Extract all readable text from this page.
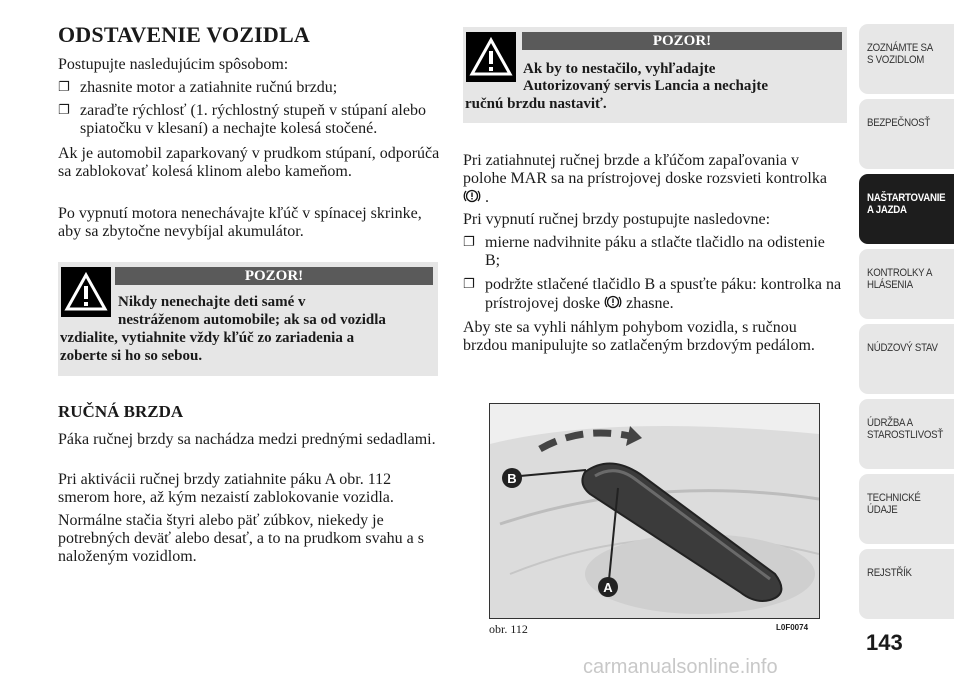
ODSTAVENIE VOZIDLA
Postupujte nasledujúcim spôsobom:
❐ zhasnite motor a zatiahnite ručnú brzdu;
❐ zaraďte rýchlosť (1. rýchlostný stupeň v stúpaní alebo spiatočku v klesaní) a nechajte kolesá stočené.
Ak je automobil zaparkovaný v prudkom stúpaní, odporúča sa zablokovať kolesá klinom alebo kameňom.
Po vypnutí motora nenechávajte kľúč v spínacej skrinke, aby sa zbytočne nevybíjal akumulátor.
POZOR!
Nikdy nenechajte deti samé v
nestráženom automobile; ak sa od vozidla
vzdialite, vytiahnite vždy kľúč zo zariadenia a
zoberte si ho so sebou.
RUČNÁ BRZDA
Páka ručnej brzdy sa nachádza medzi prednými sedadlami.
Pri aktivácii ručnej brzdy zatiahnite páku A obr. 112 smerom hore, až kým nezaistí zablokovanie vozidla.
Normálne stačia štyri alebo päť zúbkov, niekedy je potrebných deväť alebo desať, a to na prudkom svahu a s naloženým vozidlom.
POZOR!
Ak by to nestačilo, vyhľadajte
Autorizovaný servis Lancia a nechajte
ručnú brzdu nastaviť.
Pri zatiahnutej ručnej brzde a kľúčom zapaľovania v polohe MAR sa na prístrojovej doske rozsvieti kontrolka  .
Pri vypnutí ručnej brzdy postupujte nasledovne:
❐ mierne nadvihnite páku a stlačte tlačidlo na odistenie B;
❐ podržte stlačené tlačidlo B a spusťte páku: kontrolka na prístrojovej doske zhasne.
Aby ste sa vyhli náhlym pohybom vozidla, s ručnou brzdou manipulujte so zatlačeným brzdovým pedálom.
B
A
obr. 112	L0F0074
ZOZNÁMTE SA S VOZIDLOM
BEZPEČNOSŤ
NAŠTARTOVANIE A JAZDA
KONTROLKY A HLÁSENIA
NÚDZOVÝ STAV
ÚDRŽBA A STAROSTLIVOSŤ
TECHNICKÉ ÚDAJE
REJSTŘÍK
143
carmanualsonline.info
